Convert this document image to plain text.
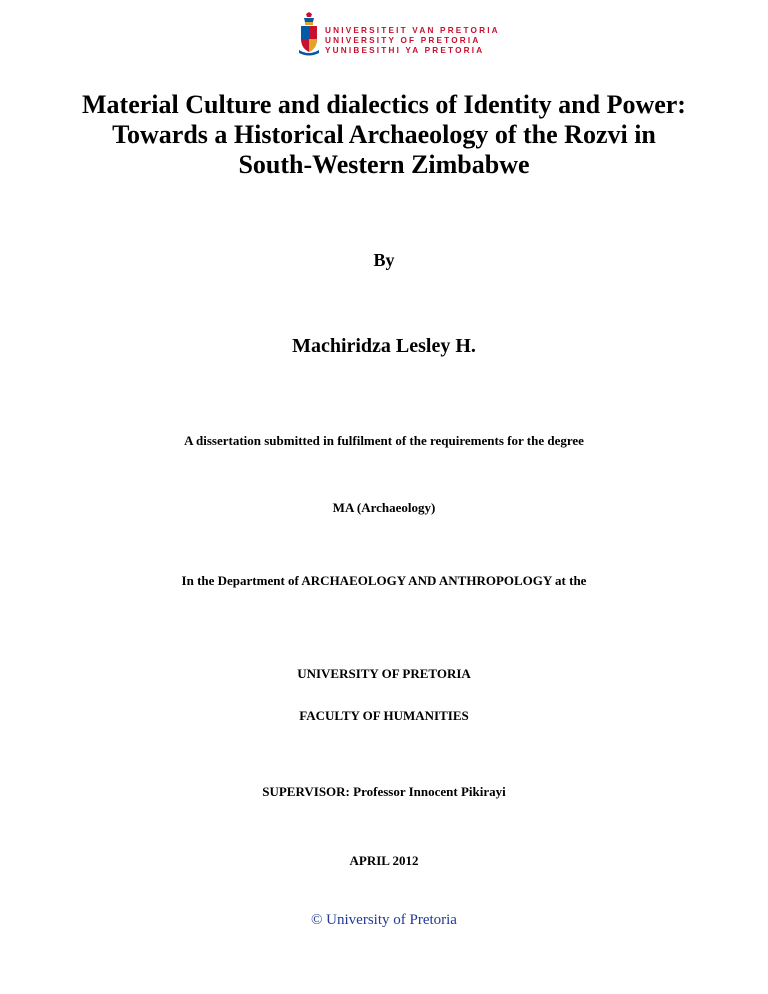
UNIVERSITEIT VAN PRETORIA
UNIVERSITY OF PRETORIA
YUNIBESITHI YA PRETORIA
Material Culture and dialectics of Identity and Power:
Towards a Historical Archaeology of the Rozvi in
South-Western Zimbabwe

By

Machiridza Lesley H.

A dissertation submitted in fulfilment of the requirements for the degree

MA (Archaeology)

In the Department of ARCHAEOLOGY AND ANTHROPOLOGY at the

UNIVERSITY OF PRETORIA

FACULTY OF HUMANITIES

SUPERVISOR: Professor Innocent Pikirayi

APRIL 2012

© University of Pretoria
